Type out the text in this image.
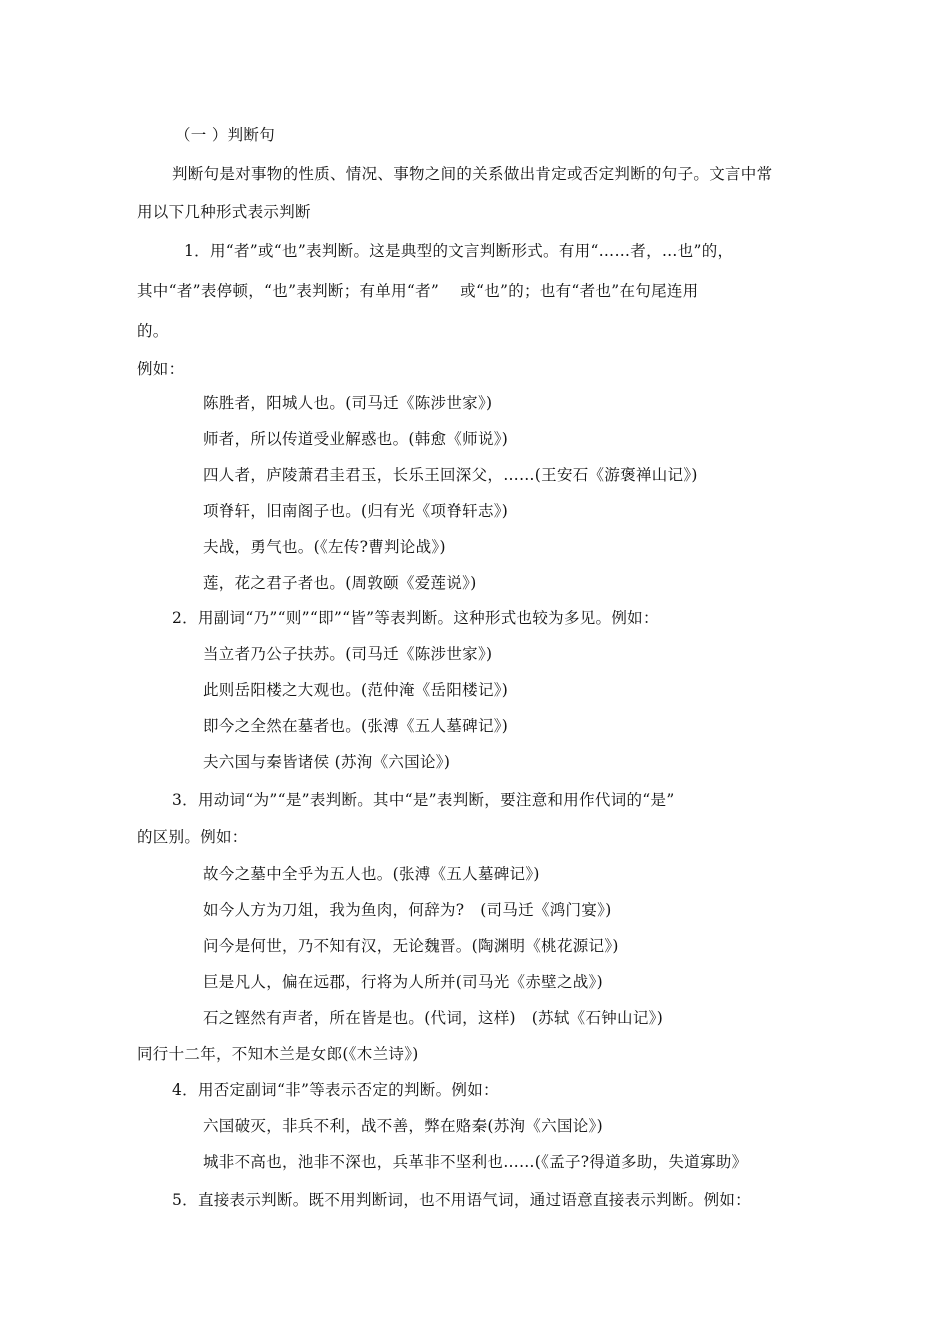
（一 ）判断句
判断句是对事物的性质、情况、事物之间的关系做出肯定或否定判断的句子。文言中常
用以下几种形式表示判断
1．用“者”或“也”表判断。这是典型的文言判断形式。有用“……者，…也”的，
其中“者”表停顿，“也”表判断；有单用“者”　 或“也”的；也有“者也”在句尾连用
的。
例如：
陈胜者，阳城人也。(司马迁《陈涉世家》)
师者，所以传道受业解惑也。(韩愈《师说》)
四人者，庐陵萧君圭君玉，长乐王回深父，……(王安石《游褒禅山记》)
项脊轩，旧南阁子也。(归有光《项脊轩志》)
夫战，勇气也。(《左传?曹判论战》)
莲，花之君子者也。(周敦颐《爱莲说》)
2．用副词“乃”“则”“即”“皆”等表判断。这种形式也较为多见。例如：
当立者乃公子扶苏。(司马迁《陈涉世家》)
此则岳阳楼之大观也。(范仲淹《岳阳楼记》)
即今之全然在墓者也。(张溥《五人墓碑记》)
夫六国与秦皆诸侯 (苏洵《六国论》)
3．用动词“为”“是”表判断。其中“是”表判断，要注意和用作代词的“是”
的区别。例如：
故今之墓中全乎为五人也。(张溥《五人墓碑记》)
如今人方为刀俎，我为鱼肉，何辞为?　(司马迁《鸿门宴》)
问今是何世，乃不知有汉，无论魏晋。(陶渊明《桃花源记》)
巨是凡人，偏在远郡，行将为人所并(司马光《赤壁之战》)
石之铿然有声者，所在皆是也。(代词，这样)　(苏轼《石钟山记》)
同行十二年，不知木兰是女郎(《木兰诗》)
4．用否定副词“非”等表示否定的判断。例如：
六国破灭，非兵不利，战不善，弊在赂秦(苏洵《六国论》)
城非不高也，池非不深也，兵革非不坚利也……(《孟子?得道多助，失道寡助》
5．直接表示判断。既不用判断词，也不用语气词，通过语意直接表示判断。例如：
